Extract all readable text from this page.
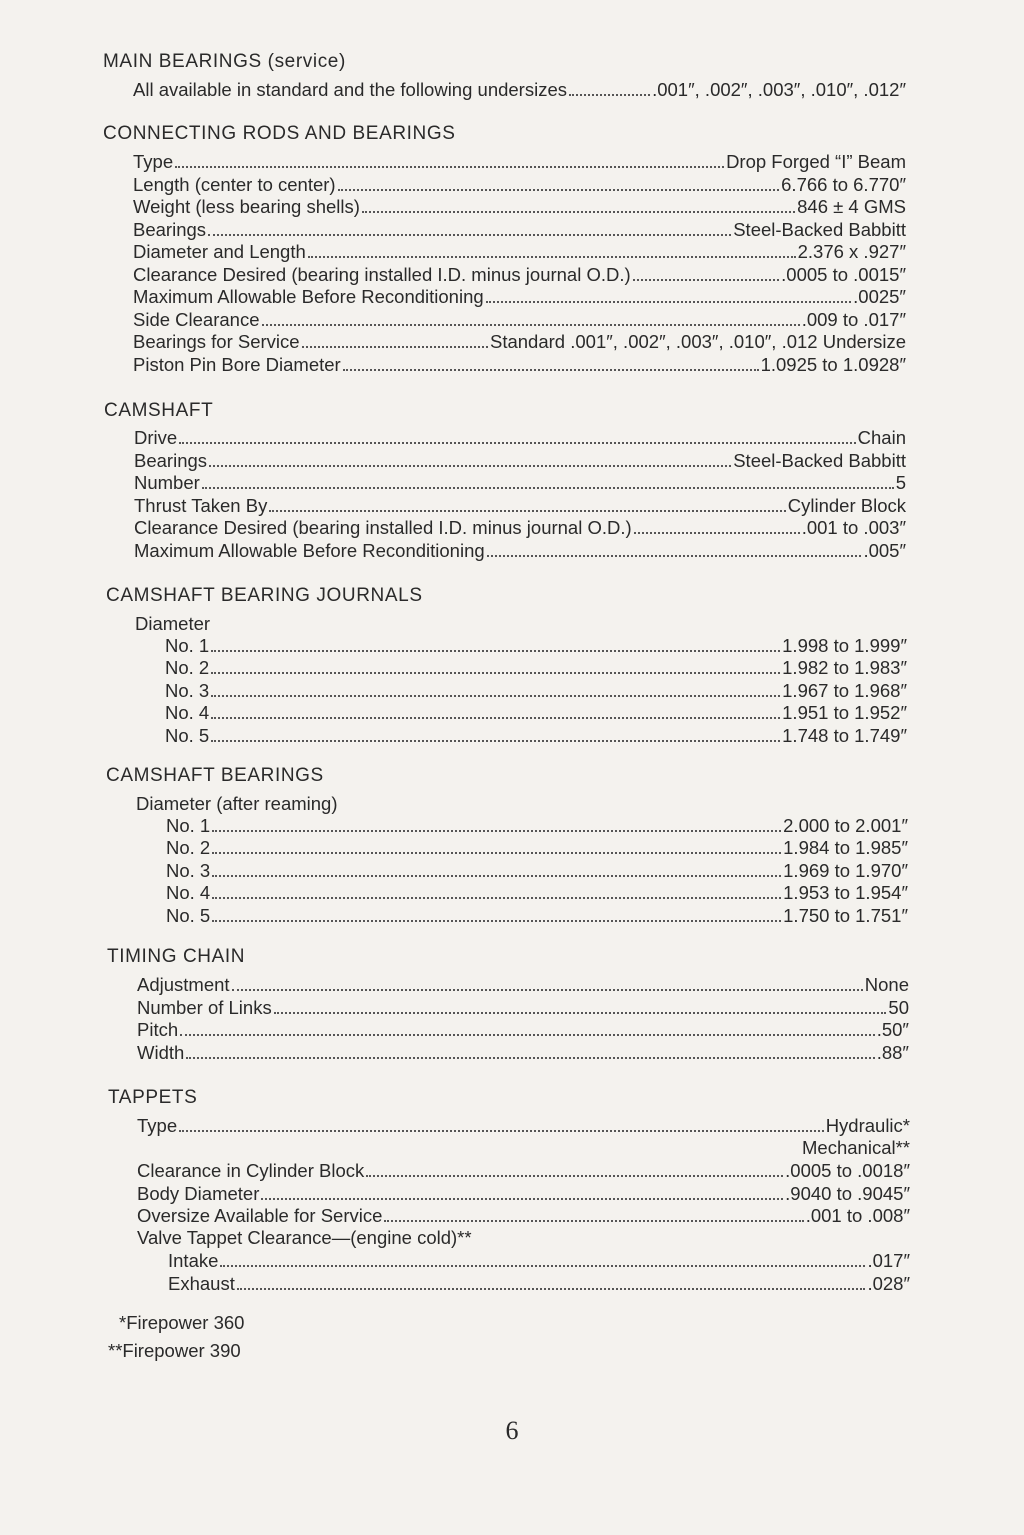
MAIN BEARINGS (service)
All available in standard and the following undersizes	.001″, .002″, .003″, .010″, .012″
CONNECTING RODS AND BEARINGS
Type	Drop Forged “I” Beam
Length (center to center)	6.766 to 6.770″
Weight (less bearing shells)	846 ± 4 GMS
Bearings	Steel-Backed Babbitt
Diameter and Length	2.376 x .927″
Clearance Desired (bearing installed I.D. minus journal O.D.)	.0005 to .0015″
Maximum Allowable Before Reconditioning	.0025″
Side Clearance	.009 to .017″
Bearings for Service	Standard .001″, .002″, .003″, .010″, .012 Undersize
Piston Pin Bore Diameter	1.0925 to 1.0928″
CAMSHAFT
Drive	Chain
Bearings	Steel-Backed Babbitt
Number	5
Thrust Taken By	Cylinder Block
Clearance Desired (bearing installed I.D. minus journal O.D.)	.001 to .003″
Maximum Allowable Before Reconditioning	.005″
CAMSHAFT BEARING JOURNALS
Diameter
No. 1	1.998 to 1.999″
No. 2	1.982 to 1.983″
No. 3	1.967 to 1.968″
No. 4	1.951 to 1.952″
No. 5	1.748 to 1.749″
CAMSHAFT BEARINGS
Diameter (after reaming)
No. 1	2.000 to 2.001″
No. 2	1.984 to 1.985″
No. 3	1.969 to 1.970″
No. 4	1.953 to 1.954″
No. 5	1.750 to 1.751″
TIMING CHAIN
Adjustment	None
Number of Links	50
Pitch	.50″
Width	.88″
TAPPETS
Type	Hydraulic*
Mechanical**
Clearance in Cylinder Block	.0005 to .0018″
Body Diameter	.9040 to .9045″
Oversize Available for Service	.001 to .008″
Valve Tappet Clearance—(engine cold)**
Intake	.017″
Exhaust	.028″
*Firepower 360
**Firepower 390
6
